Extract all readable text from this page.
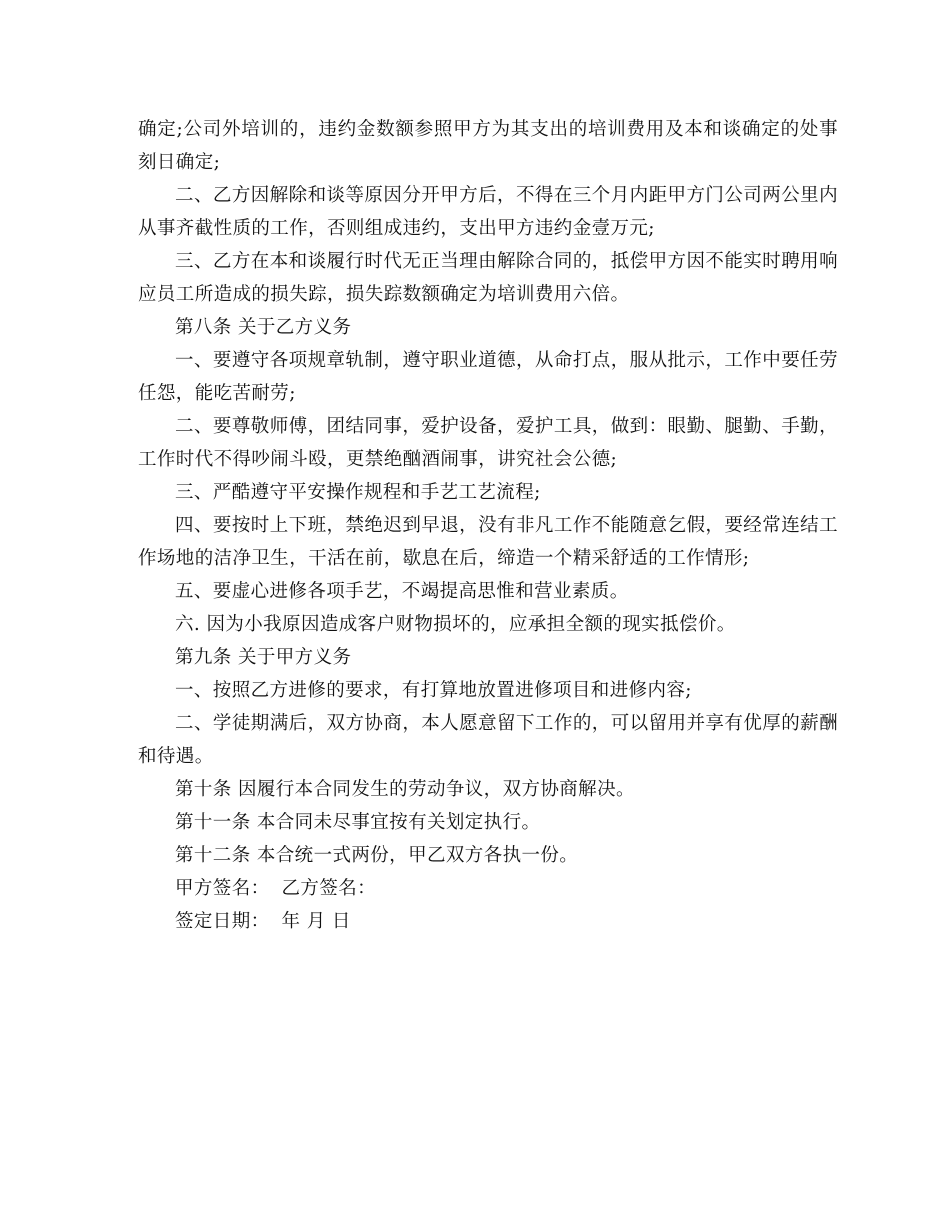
确定;公司外培训的，违约金数额参照甲方为其支出的培训费用及本和谈确定的处事刻日确定;

二、乙方因解除和谈等原因分开甲方后，不得在三个月内距甲方门公司两公里内从事齐截性质的工作，否则组成违约，支出甲方违约金壹万元;

三、乙方在本和谈履行时代无正当理由解除合同的，抵偿甲方因不能实时聘用响应员工所造成的损失踪，损失踪数额确定为培训费用六倍。

第八条 关于乙方义务

一、要遵守各项规章轨制，遵守职业道德，从命打点，服从批示，工作中要任劳任怨，能吃苦耐劳;

二、要尊敬师傅，团结同事，爱护设备，爱护工具，做到：眼勤、腿勤、手勤，工作时代不得吵闹斗殴，更禁绝酗酒闹事，讲究社会公德;

三、严酷遵守平安操作规程和手艺工艺流程;

四、要按时上下班，禁绝迟到早退，没有非凡工作不能随意乞假，要经常连结工作场地的洁净卫生，干活在前，歇息在后，缔造一个精采舒适的工作情形;

五、要虚心进修各项手艺，不竭提高思惟和营业素质。

六. 因为小我原因造成客户财物损坏的，应承担全额的现实抵偿价。

第九条 关于甲方义务

一、按照乙方进修的要求，有打算地放置进修项目和进修内容;

二、学徒期满后，双方协商，本人愿意留下工作的，可以留用并享有优厚的薪酬和待遇。

第十条 因履行本合同发生的劳动争议，双方协商解决。

第十一条 本合同未尽事宜按有关划定执行。

第十二条 本合统一式两份，甲乙双方各执一份。

甲方签名： 乙方签名：

签定日期： 年 月 日
